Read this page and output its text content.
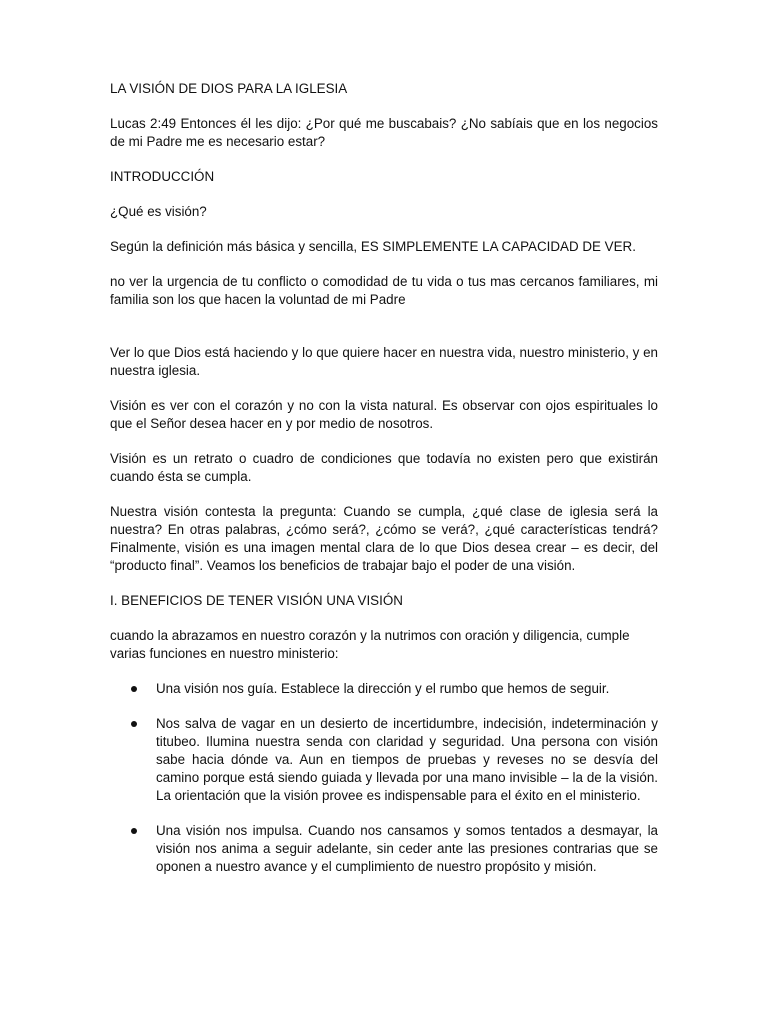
LA VISIÓN DE DIOS PARA LA IGLESIA

Lucas 2:49 Entonces él les dijo: ¿Por qué me buscabais? ¿No sabíais que en los negocios de mi Padre me es necesario estar?

INTRODUCCIÓN

¿Qué es visión?

Según la definición más básica y sencilla, ES SIMPLEMENTE LA CAPACIDAD DE VER.

no ver la urgencia de tu conflicto o comodidad de tu vida o tus mas cercanos familiares, mi familia son los que hacen la voluntad de mi Padre

Ver lo que Dios está haciendo y lo que quiere hacer en nuestra vida, nuestro ministerio, y en nuestra iglesia.

Visión es ver con el corazón y no con la vista natural. Es observar con ojos espirituales lo que el Señor desea hacer en y por medio de nosotros.

Visión es un retrato o cuadro de condiciones que todavía no existen pero que existirán cuando ésta se cumpla.

Nuestra visión contesta la pregunta: Cuando se cumpla, ¿qué clase de iglesia será la nuestra? En otras palabras, ¿cómo será?, ¿cómo se verá?, ¿qué características tendrá? Finalmente, visión es una imagen mental clara de lo que Dios desea crear – es decir, del “producto final”. Veamos los beneficios de trabajar bajo el poder de una visión.

I. BENEFICIOS DE TENER VISIÓN UNA VISIÓN

cuando la abrazamos en nuestro corazón y la nutrimos con oración y diligencia, cumple varias funciones en nuestro ministerio:

Una visión nos guía. Establece la dirección y el rumbo que hemos de seguir.
Nos salva de vagar en un desierto de incertidumbre, indecisión, indeterminación y titubeo. Ilumina nuestra senda con claridad y seguridad. Una persona con visión sabe hacia dónde va. Aun en tiempos de pruebas y reveses no se desvía del camino porque está siendo guiada y llevada por una mano invisible – la de la visión. La orientación que la visión provee es indispensable para el éxito en el ministerio.
Una visión nos impulsa. Cuando nos cansamos y somos tentados a desmayar, la visión nos anima a seguir adelante, sin ceder ante las presiones contrarias que se oponen a nuestro avance y el cumplimiento de nuestro propósito y misión.
